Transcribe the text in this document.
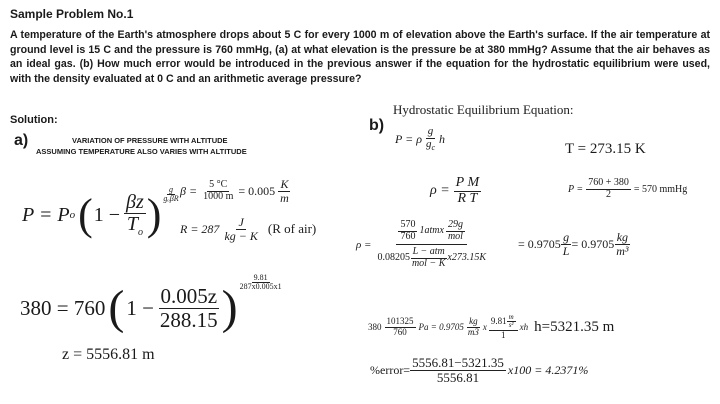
Sample Problem No.1
A temperature of the Earth's atmosphere drops about 5 C for every 1000 m of elevation above the Earth's surface. If the air temperature at ground level is 15 C and the pressure is 760 mmHg, (a) at what elevation is the pressure be at 380 mmHg? Assume that the air behaves as an ideal gas. (b) How much error would be introduced in the previous answer if the equation for the hydrostatic equilibrium were used, with the density evaluated at 0 C and an arithmetic average pressure?
Solution:
a)	VARIATION OF PRESSURE WITH ALTITUDE
ASSUMING TEMPERATURE ALSO VARIES WITH ALTITUDE
P = P o ( $1 - \frac{\beta z}{T_o}$ ) $\frac{g}{\text{gₒβR}}$ $\beta = \frac{5 ^\circ C}{1000 m} = 0.005 \frac{K}{m}$
$R = 287 \frac{J}{kg - K} (R$ of air)
380 = 760 ( $1 - \frac{0.005z}{288.15}$ ) $\frac{9.81}{287x0.005x1}$
z = 5556.81 m
b)
Hydrostatic Equilibrium Equation:
P = ρ $\frac{g}{g_c}$ h
T = 273.15 K
$\rho = \frac{\text{P M}}{\text{R T}}$	$P = \frac{760 + 380}{2} = 570$ mmHg
ρ =
$\frac{570}{760}$ 1atmx $\frac{29g}{\text{mol}}$
$0.08205 \frac{\text{L − atm}}{\text{mol − K}} x273.15K$
= $0.9705 \frac{g}{L} = 0.9705 \frac{kg}{\text{m³}}$
$380 \frac{101325}{760}$ $Pa = 0.9705 \frac{kg}{m3}$ x $\frac{9.81 \frac{m}{\text{s²}}}{1}$ xh h=5321.35 m
%error= $\frac{5556.81-5321.35}{5556.81} x100 = 4.2371\%$
